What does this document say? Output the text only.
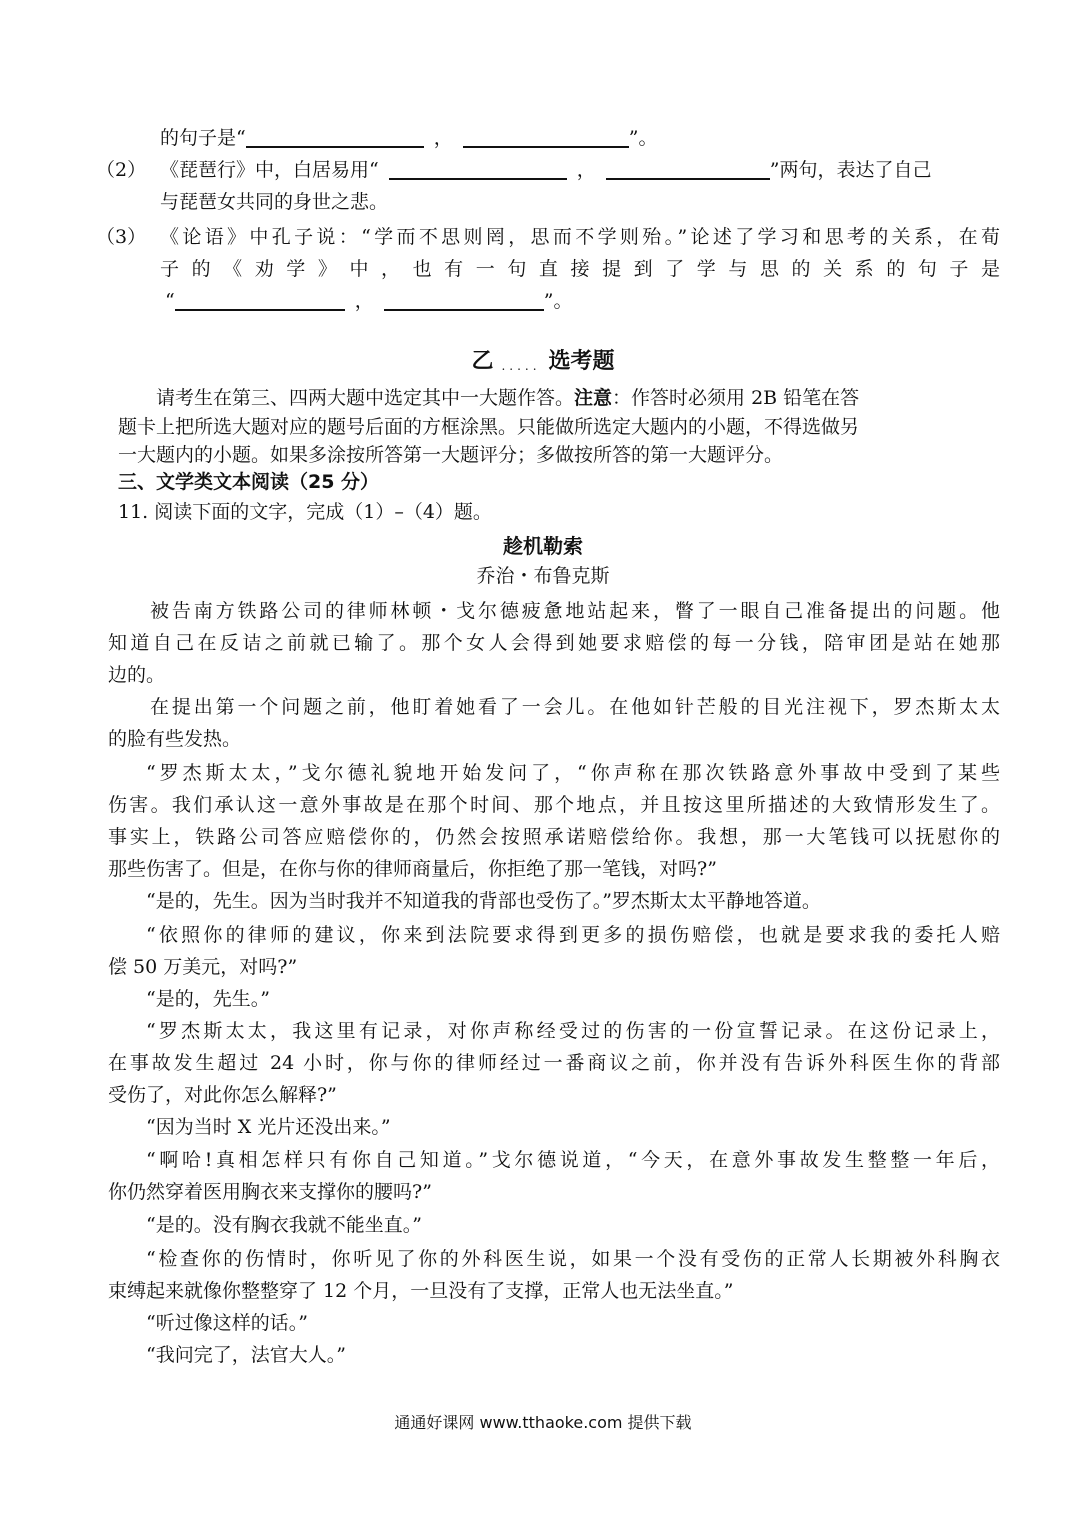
的句子是“	，	”。
（2） 《琵琶行》中，白居易用“	，	”两句，表达了自己
与琵琶女共同的身世之悲。
（3） 《论语》中孔子说：“学而不思则罔，思而不学则殆。”论述了学习和思考的关系，在荀
子的《劝学》中，也有一句直接提到了学与思的关系的句子是
“	，	”。
乙 ..... 选考题
请考生在第三、四两大题中选定其中一大题作答。注意：作答时必须用 2B 铅笔在答
题卡上把所选大题对应的题号后面的方框涂黑。只能做所选定大题内的小题，不得选做另
一大题内的小题。如果多涂按所答第一大题评分；多做按所答的第一大题评分。
三、文学类文本阅读（25 分）
11. 阅读下面的文字，完成（1）–（4）题。
趁机勒索
乔治・布鲁克斯
被告南方铁路公司的律师林顿・戈尔德疲惫地站起来，瞥了一眼自己准备提出的问题。他
知道自己在反诘之前就已输了。那个女人会得到她要求赔偿的每一分钱，陪审团是站在她那
边的。
在提出第一个问题之前，他盯着她看了一会儿。在他如针芒般的目光注视下，罗杰斯太太
的脸有些发热。
“罗杰斯太太，”戈尔德礼貌地开始发问了，“你声称在那次铁路意外事故中受到了某些
伤害。我们承认这一意外事故是在那个时间、那个地点，并且按这里所描述的大致情形发生了。
事实上，铁路公司答应赔偿你的，仍然会按照承诺赔偿给你。我想，那一大笔钱可以抚慰你的
那些伤害了。但是，在你与你的律师商量后，你拒绝了那一笔钱，对吗?”
“是的，先生。因为当时我并不知道我的背部也受伤了。”罗杰斯太太平静地答道。
“依照你的律师的建议，你来到法院要求得到更多的损伤赔偿，也就是要求我的委托人赔
偿 50 万美元，对吗?”
“是的，先生。”
“罗杰斯太太，我这里有记录，对你声称经受过的伤害的一份宣誓记录。在这份记录上，
在事故发生超过 24 小时，你与你的律师经过一番商议之前，你并没有告诉外科医生你的背部
受伤了，对此你怎么解释?”
“因为当时 X 光片还没出来。”
“啊哈!真相怎样只有你自己知道。”戈尔德说道，“今天，在意外事故发生整整一年后，
你仍然穿着医用胸衣来支撑你的腰吗?”
“是的。没有胸衣我就不能坐直。”
“检查你的伤情时，你听见了你的外科医生说，如果一个没有受伤的正常人长期被外科胸衣
束缚起来就像你整整穿了 12 个月，一旦没有了支撑，正常人也无法坐直。”
“听过像这样的话。”
“我问完了，法官大人。”
通通好课网 www.tthaoke.com 提供下载
